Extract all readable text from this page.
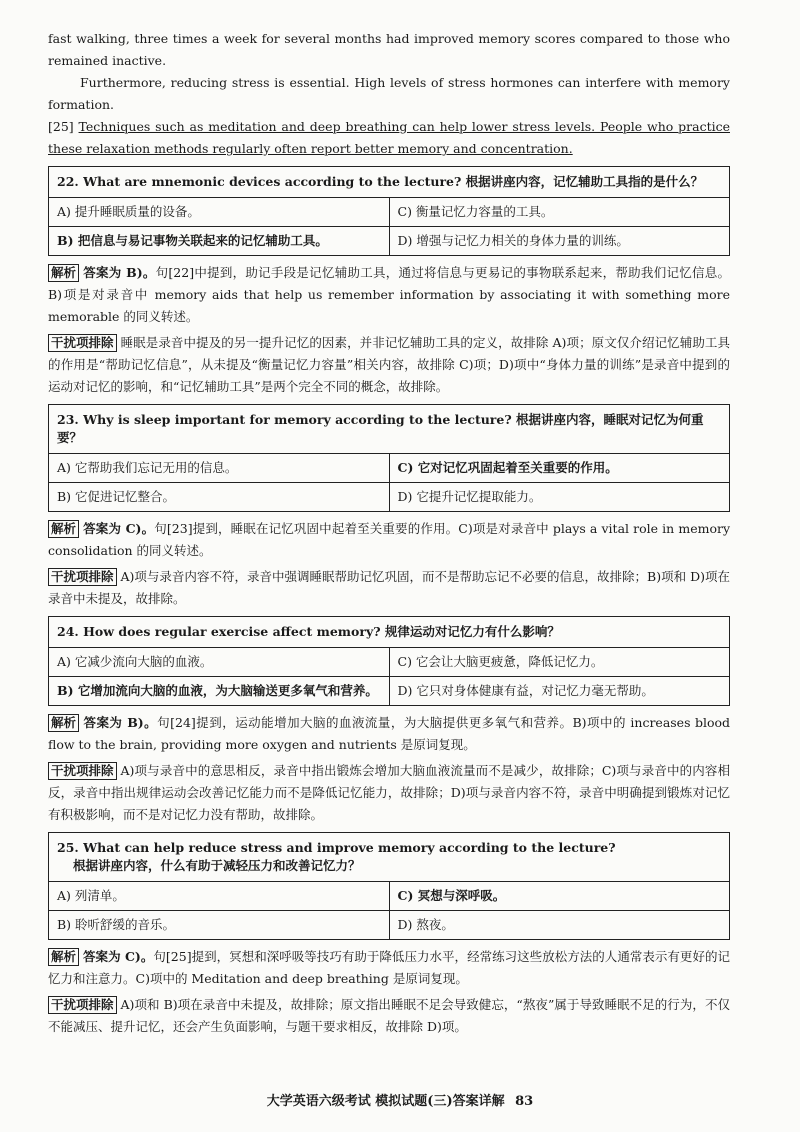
fast walking, three times a week for several months had improved memory scores compared to those who remained inactive.

Furthermore, reducing stress is essential. High levels of stress hormones can interfere with memory formation.

[25] Techniques such as meditation and deep breathing can help lower stress levels. People who practice these relaxation methods regularly often report better memory and concentration.

22. What are mnemonic devices according to the lecture? 根据讲座内容，记忆辅助工具指的是什么？	
A) 提升睡眠质量的设备。	C) 衡量记忆力容量的工具。
B) 把信息与易记事物关联起来的记忆辅助工具。	D) 增强与记忆力相关的身体力量的训练。

解析 答案为 B)。句[22]中提到，助记手段是记忆辅助工具，通过将信息与更易记的事物联系起来，帮助我们记忆信息。B)项是对录音中 memory aids that help us remember information by associating it with something more memorable 的同义转述。

干扰项排除 睡眠是录音中提及的另一提升记忆的因素，并非记忆辅助工具的定义，故排除 A)项；原文仅介绍记忆辅助工具的作用是“帮助记忆信息”，从未提及“衡量记忆力容量”相关内容，故排除 C)项；D)项中“身体力量的训练”是录音中提到的运动对记忆的影响，和“记忆辅助工具”是两个完全不同的概念，故排除。

23. Why is sleep important for memory according to the lecture? 根据讲座内容，睡眠对记忆为何重要？	
A) 它帮助我们忘记无用的信息。	C) 它对记忆巩固起着至关重要的作用。
B) 它促进记忆整合。	D) 它提升记忆提取能力。

解析 答案为 C)。句[23]提到，睡眠在记忆巩固中起着至关重要的作用。C)项是对录音中 plays a vital role in memory consolidation 的同义转述。

干扰项排除 A)项与录音内容不符，录音中强调睡眠帮助记忆巩固，而不是帮助忘记不必要的信息，故排除；B)项和 D)项在录音中未提及，故排除。

24. How does regular exercise affect memory? 规律运动对记忆力有什么影响？	
A) 它减少流向大脑的血液。	C) 它会让大脑更疲惫，降低记忆力。
B) 它增加流向大脑的血液，为大脑输送更多氧气和营养。	D) 它只对身体健康有益，对记忆力毫无帮助。

解析 答案为 B)。句[24]提到，运动能增加大脑的血液流量，为大脑提供更多氧气和营养。B)项中的 increases blood flow to the brain, providing more oxygen and nutrients 是原词复现。

干扰项排除 A)项与录音中的意思相反，录音中指出锻炼会增加大脑血液流量而不是减少，故排除；C)项与录音中的内容相反，录音中指出规律运动会改善记忆能力而不是降低记忆能力，故排除；D)项与录音内容不符，录音中明确提到锻炼对记忆有积极影响，而不是对记忆力没有帮助，故排除。

25. What can help reduce stress and improve memory according to the lecture?
根据讲座内容，什么有助于减轻压力和改善记忆力？	

A) 列清单。	C) 冥想与深呼吸。
B) 聆听舒缓的音乐。	D) 熬夜。

解析 答案为 C)。句[25]提到，冥想和深呼吸等技巧有助于降低压力水平，经常练习这些放松方法的人通常表示有更好的记忆力和注意力。C)项中的 Meditation and deep breathing 是原词复现。

干扰项排除 A)项和 B)项在录音中未提及，故排除；原文指出睡眠不足会导致健忘，“熬夜”属于导致睡眠不足的行为，不仅不能减压、提升记忆，还会产生负面影响，与题干要求相反，故排除 D)项。

大学英语六级考试 模拟试题(三)答案详解 83
